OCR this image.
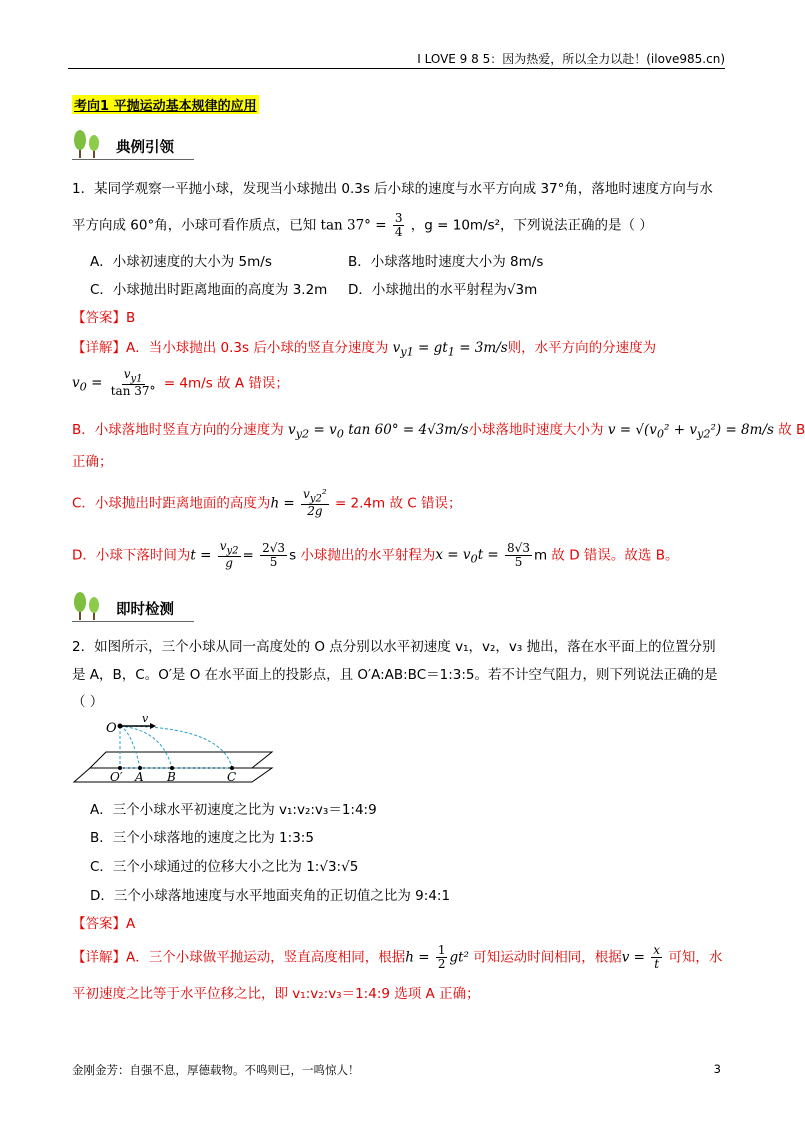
I LOVE 9 8 5：因为热爱，所以全力以赴！(ilove985.cn)
考向1 平抛运动基本规律的应用
典例引领
1．某同学观察一平抛小球，发现当小球抛出 0.3s 后小球的速度与水平方向成 37°角，落地时速度方向与水
平方向成 60°角，小球可看作质点，已知 $\tan 37^\circ = \frac{3}{4}$ ，g = 10m/s²，下列说法正确的是（ ）
A．小球初速度的大小为 5m/s	B．小球落地时速度大小为 8m/s
C．小球抛出时距离地面的高度为 3.2m D．小球抛出的水平射程为√3m
【答案】B
【详解】A．当小球抛出 0.3s 后小球的竖直分速度为 $v_{y1} = gt_1 = 3m/s$则，水平方向的分速度为
$v_0 = \frac{v_{y1}}{\tan 37^\circ} = 4m/s$ 故 A 错误；
B．小球落地时竖直方向的分速度为 $v_{y2} = v_0$ tan 60° = 4√3m/s小球落地时速度大小为 $v = √(v_0^2 + v_{y2}^2) = 8m/s$ 故 B
正确；
C．小球抛出时距离地面的高度为$h = \frac{v_{y2}^2}{2g} = 2.4m$ 故 C 错误；
D．小球下落时间为$t = \frac{v_{y2}}{g} = \frac{2√3}{5}$ s 小球抛出的水平射程为$x = v_0t = \frac{8√3}{5}$ m 故 D 错误。故选 B。
即时检测
2．如图所示，三个小球从同一高度处的 O 点分别以水平初速度 v₁，v₂，v₃ 抛出，落在水平面上的位置分别
是 A，B，C。O′是 O 在水平面上的投影点，且 O′A:AB:BC＝1:3:5。若不计空气阻力，则下列说法正确的是
（ ）
O
v
O′ A B	C
A．三个小球水平初速度之比为 v₁:v₂:v₃＝1:4:9
B．三个小球落地的速度之比为 1:3:5
C．三个小球通过的位移大小之比为 1:√3:√5
D．三个小球落地速度与水平地面夹角的正切值之比为 9:4:1
【答案】A
【详解】A．三个小球做平抛运动，竖直高度相同，根据$h = \frac{1}{2} gt^2$ 可知运动时间相同，根据$v = \frac{x}{t}$ 可知，水
平初速度之比等于水平位移之比，即 v₁:v₂:v₃＝1:4:9 选项 A 正确；
金刚金芳：自强不息，厚德载物。不鸣则已，一鸣惊人！	3
